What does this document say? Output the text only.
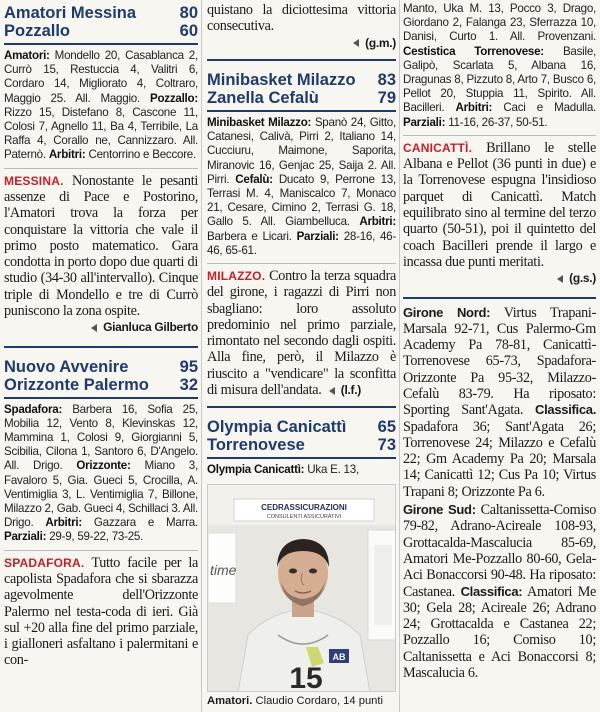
Amatori Messina	80
Pozzallo	60
Amatori: Mondello 20, Casablanca 2, Currò 15, Restuccia 4, Valitri 6, Cordaro 14, Migliorato 4, Coltraro, Maggio 25. All. Maggio. Pozzallo: Rizzo 15, Distefano 8, Cascone 11, Colosi 7, Agnello 11, Ba 4, Terribile, La Raffa 4, Corallo ne, Cannizzaro. All. Paternò. Arbitri: Centorrino e Beccore.
MESSINA. Nonostante le pesanti assenze di Pace e Postorino, l'Amatori trova la forza per conquistare la vittoria che vale il primo posto matematico. Gara condotta in porto dopo due quarti di studio (34-30 all'intervallo). Cinque triple di Mondello e tre di Currò puniscono la zona ospite.
Gianluca Gilberto
Nuovo Avvenire	95
Orizzonte Palermo 32
Spadafora: Barbera 16, Sofia 25, Mobilia 12, Vento 8, Klevinskas 12, Mammina 1, Colosi 9, Giorgianni 5, Scibilia, Cilona 1, Santoro 6, D'Angelo. All. Drigo. Orizzonte: Miano 3, Favaloro 5, Gia. Gueci 5, Crocilla, A. Ventimiglia 3, L. Ventimiglia 7, Billone, Milazzo 2, Gab. Gueci 4, Schillaci 3. All. Drigo. Arbitri: Gazzara e Marra. Parziali: 29-9, 59-22, 73-25.
SPADAFORA. Tutto facile per la capolista Spadafora che si sbarazza agevolmente dell'Orizzonte Palermo nel testa-coda di ieri. Già sul +20 alla fine del primo parziale, i gialloneri asfaltano i palermitani e con-
quistano la diciottesima vittoria consecutiva.
(g.m.)
Minibasket Milazzo 83
Zanella Cefalù	79
Minibasket Milazzo: Spanò 24, Gitto, Catanesi, Calivà, Pirri 2, Italiano 14, Cucciuru, Maimone, Saporita, Miranovic 16, Genjac 25, Saija 2. All. Pirri. Cefalù: Ducato 9, Perrone 13, Terrasi M. 4, Maniscalco 7, Monaco 21, Cesare, Cimino 2, Terrasi G. 18, Gallo 5. All. Giambelluca. Arbitri: Barbera e Licari. Parziali: 28-16, 46-46, 65-61.
MILAZZO. Contro la terza squadra del girone, i ragazzi di Pirri non sbagliano: loro assoluto predominio nel primo parziale, rimontato nel secondo dagli ospiti. Alla fine, però, il Milazzo è riuscito a "vendicare" la sconfitta di misura dell'andata. (l.f.)
Olympia Canicattì 65
Torrenovese	73
Olympia Canicattì: Uka E. 13,
CEDRASSICURAZIONI
CONSULENTI ASSICURATIVI
time
AB
15
Amatori. Claudio Cordaro, 14 punti
Manto, Uka M. 13, Pocco 3, Drago, Giordano 2, Falanga 23, Sferrazza 10, Danisi, Curto 1. All. Provenzani. Cestistica Torrenovese: Basile, Galipò, Scarlata 5, Albana 16, Dragunas 8, Pizzuto 8, Arto 7, Busco 6, Pellot 20, Stuppia 11, Spirito. All. Bacilleri. Arbitri: Caci e Madulla. Parziali: 11-16, 26-37, 50-51.
CANICATTÌ. Brillano le stelle Albana e Pellot (36 punti in due) e la Torrenovese espugna l'insidioso parquet di Canicattì. Match equilibrato sino al termine del terzo quarto (50-51), poi il quintetto del coach Bacilleri prende il largo e incassa due punti meritati.
(g.s.)
Girone Nord: Virtus Trapani-Marsala 92-71, Cus Palermo-Gm Academy Pa 78-81, Canicattì-Torrenovese 65-73, Spadafora-Orizzonte Pa 95-32, Milazzo-Cefalù 83-79. Ha riposato: Sporting Sant'Agata. Classifica. Spadafora 36; Sant'Agata 26; Torrenovese 24; Milazzo e Cefalù 22; Gm Academy Pa 20; Marsala 14; Canicattì 12; Cus Pa 10; Virtus Trapani 8; Orizzonte Pa 6.
Girone Sud: Caltanissetta-Comiso 79-82, Adrano-Acireale 108-93, Grottacalda-Mascalucia 85-69, Amatori Me-Pozzallo 80-60, Gela-Aci Bonaccorsi 90-48. Ha riposato: Castanea. Classifica: Amatori Me 30; Gela 28; Acireale 26; Adrano 24; Grottacalda e Castanea 22; Pozzallo 16; Comiso 10; Caltanissetta e Aci Bonaccorsi 8; Mascalucia 6.
